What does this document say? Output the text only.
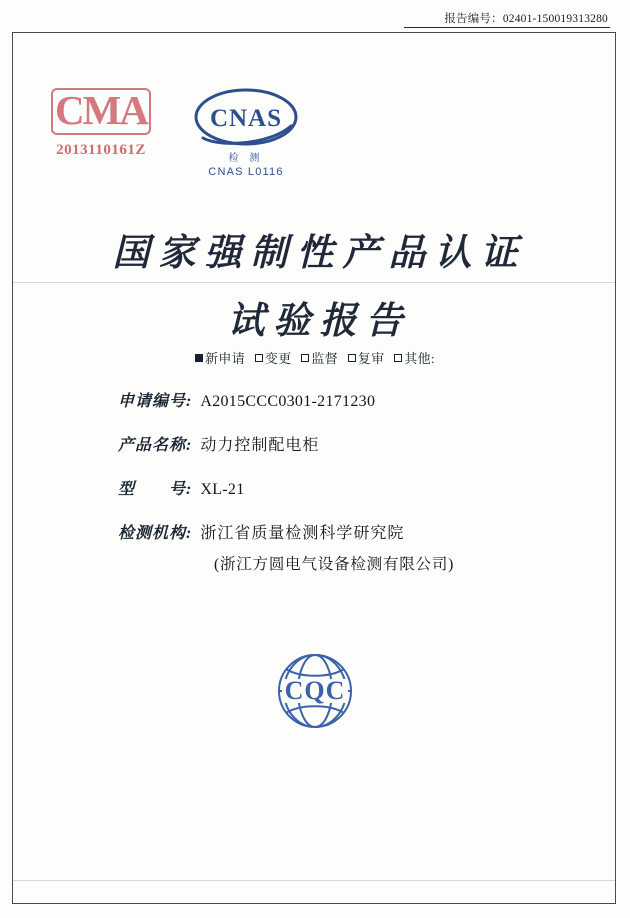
报告编号：02401-150019313280
CMA
2013110161Z
CNAS
检 测
CNAS L0116
国家强制性产品认证
试验报告
新申请 变更 监督 复审 其他:
申请编号: A2015CCC0301-2171230
产品名称: 动力控制配电柜
型　　号: XL-21
检测机构: 浙江省质量检测科学研究院
(浙江方圆电气设备检测有限公司)
CQC
